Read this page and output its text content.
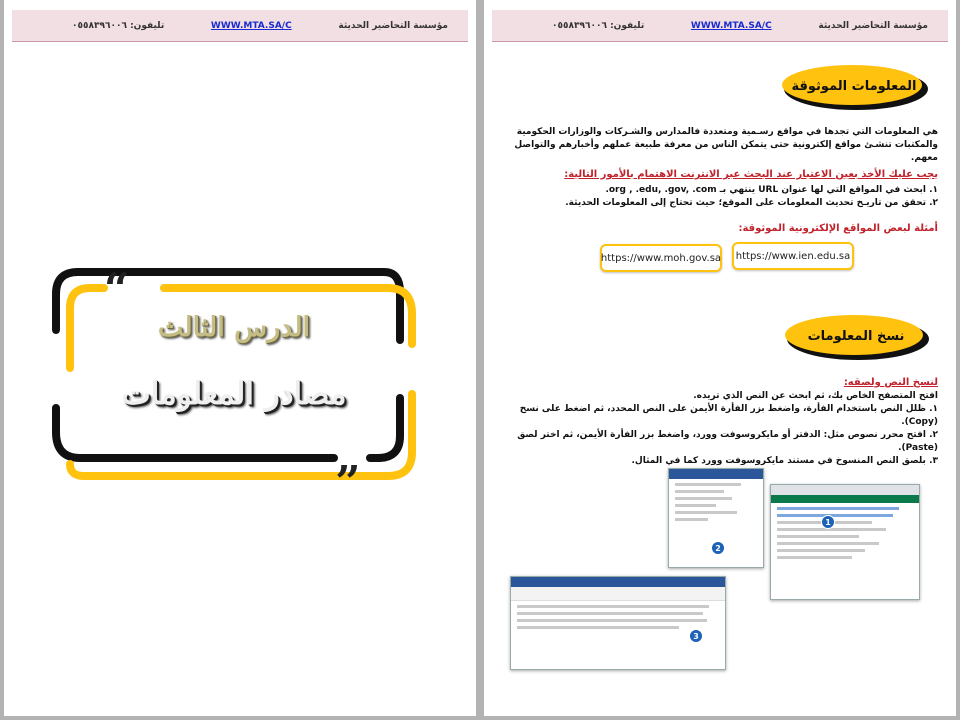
تليفون: ٠٥٥٨٣٩٦٠٠٦	WWW.MTA.SA/C	مؤسسة التحاضير الحديثة
“
„
الدرس الثالث
مصادر المعلومات
تليفون: ٠٥٥٨٣٩٦٠٠٦	WWW.MTA.SA/C	مؤسسة التحاضير الحديثة
المعلومات الموثوقة
هي المعلومات التي تجدها في مواقع رسـمية ومتعددة فالمدارس والشـركات والوزارات الحكومية والمكتبات تنشـئ مواقع إلكترونية حتى يتمكن الناس من معرفة طبيعة عملهم وأخبارهم والتواصل معهم.
يجب عليك الأخذ بعين الاعتبار عند البحث عبر الانترنت الاهتمام بالأمور التالية:
١. ابحث في المواقع التي لها عنوان URL ينتهي بـ org , .edu, .gov, .com.
٢. تحقق من تاريـخ تحديث المعلومات على الموقع؛ حيث تحتاج إلى المعلومات الحديثة.
أمثلة لبعض المواقع الإلكترونية الموثوقة:
https://www.moh.gov.sa	https://www.ien.edu.sa
نسخ المعلومات
لنسخ النص ولصقه:
افتح المتصفح الخاص بك، ثم ابحث عن النص الذي تريده.
١. ظلل النص باستخدام الفأرة، واضغط بزر الفأرة الأيمن على النص المحدد، ثم اضغط على نسخ (Copy).
٢. افتح محرر نصوص مثل: الدفتر أو مايكروسوفت وورد، واضغط بزر الفأرة الأيمن، ثم اختر لصق (Paste).
٣. بلصق النص المنسوخ في مستند مايكروسوفت وورد كما في المثال.
2
1
3
